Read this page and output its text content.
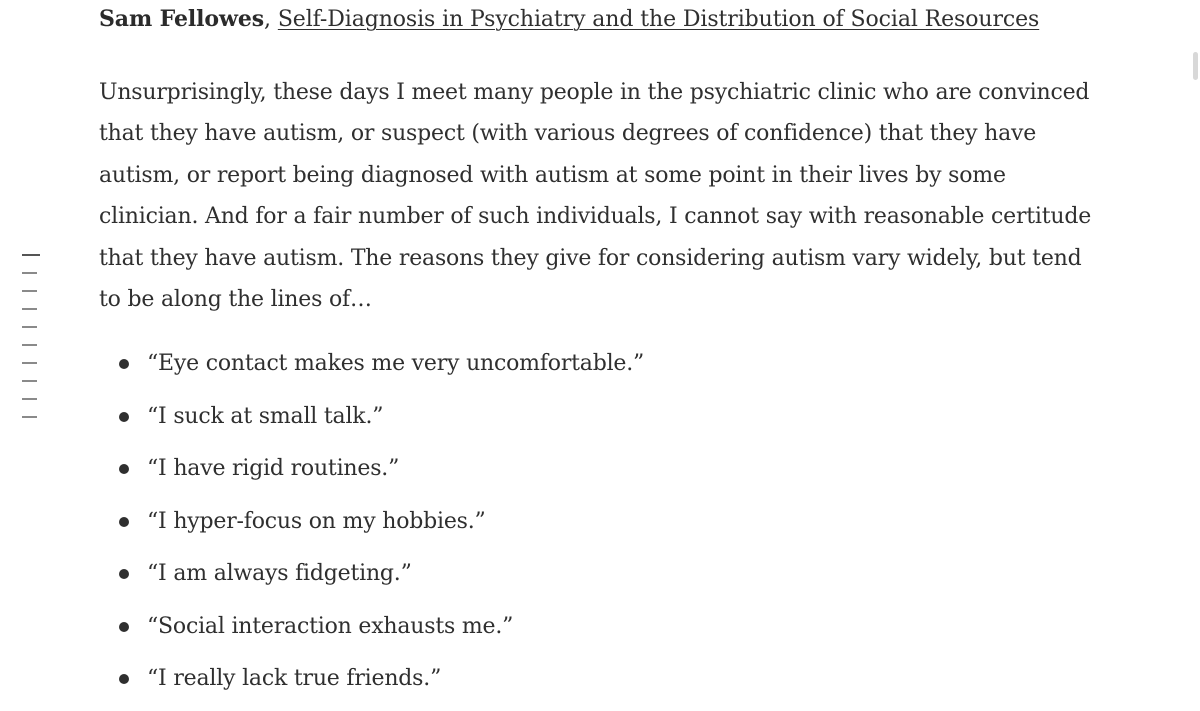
Sam Fellowes, Self-Diagnosis in Psychiatry and the Distribution of Social Resources

Unsurprisingly, these days I meet many people in the psychiatric clinic who are convinced that they have autism, or suspect (with various degrees of confidence) that they have autism, or report being diagnosed with autism at some point in their lives by some clinician. And for a fair number of such individuals, I cannot say with reasonable certitude that they have autism. The reasons they give for considering autism vary widely, but tend to be along the lines of…

“Eye contact makes me very uncomfortable.”
“I suck at small talk.”
“I have rigid routines.”
“I hyper-focus on my hobbies.”
“I am always fidgeting.”
“Social interaction exhausts me.”
“I really lack true friends.”
